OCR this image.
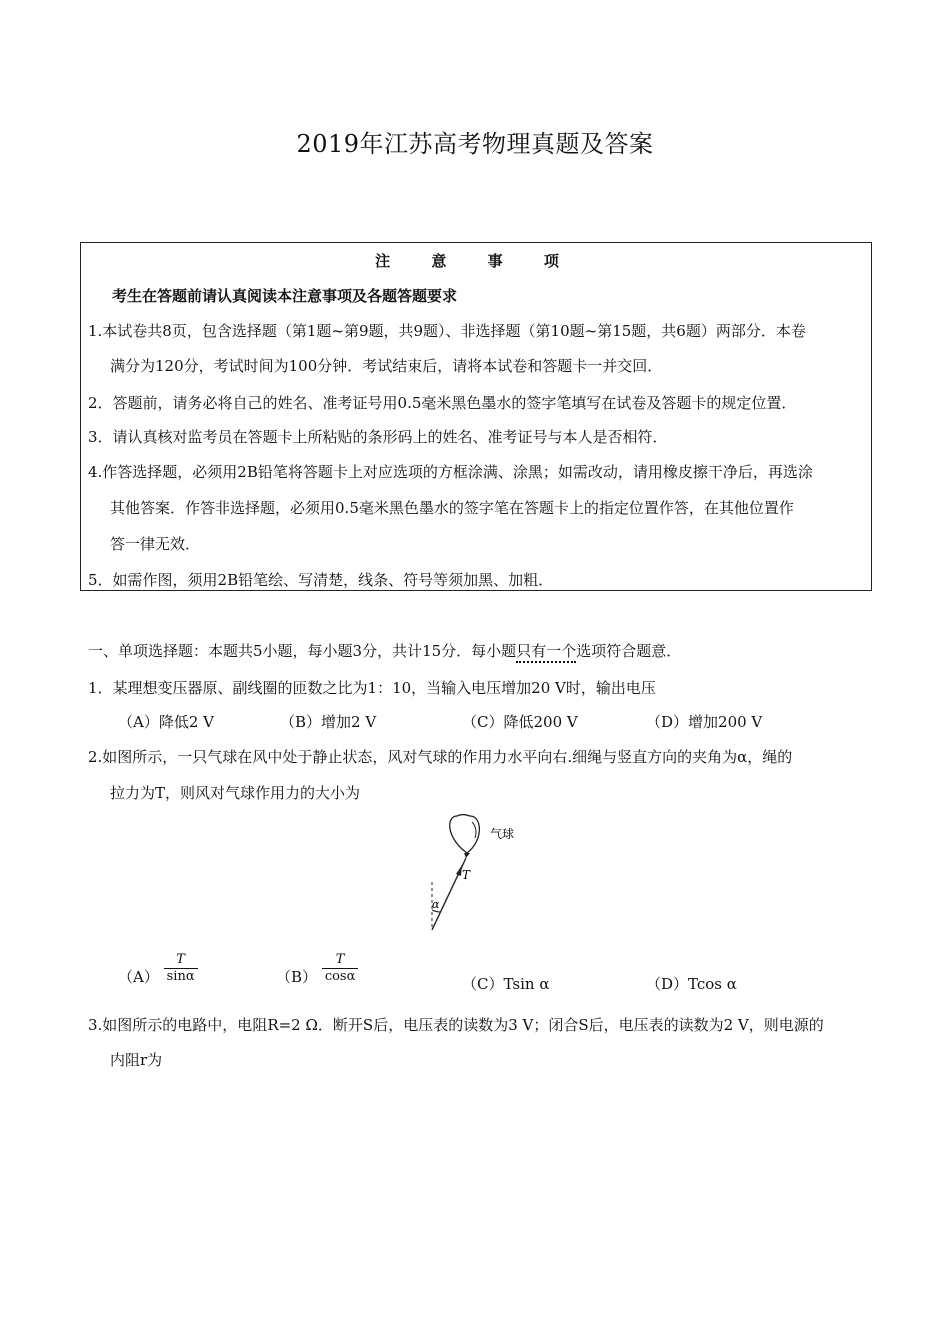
2019年江苏高考物理真题及答案
注 意 事 项
考生在答题前请认真阅读本注意事项及各题答题要求
1.本试卷共8页，包含选择题（第1题~第9题，共9题）、非选择题（第10题~第15题，共6题）两部分．本卷
满分为120分，考试时间为100分钟．考试结束后，请将本试卷和答题卡一并交回．
2．答题前，请务必将自己的姓名、准考证号用0.5毫米黑色墨水的签字笔填写在试卷及答题卡的规定位置．
3．请认真核对监考员在答题卡上所粘贴的条形码上的姓名、准考证号与本人是否相符．
4.作答选择题，必须用2B铅笔将答题卡上对应选项的方框涂满、涂黑；如需改动，请用橡皮擦干净后，再选涂
其他答案．作答非选择题，必须用0.5毫米黑色墨水的签字笔在答题卡上的指定位置作答，在其他位置作
答一律无效．
5．如需作图，须用2B铅笔绘、写清楚，线条、符号等须加黑、加粗．
一、单项选择题：本题共5小题，每小题3分，共计15分．每小题只有一个选项符合题意．
1．某理想变压器原、副线圈的匝数之比为1：10，当输入电压增加20 V时，输出电压
（A）降低2 V	（B）增加2 V	（C）降低200 V	（D）增加200 V
2.如图所示，一只气球在风中处于静止状态，风对气球的作用力水平向右.细绳与竖直方向的夹角为α，绳的
拉力为T，则风对气球作用力的大小为
气球
T
α
$(A) \frac{T}{\sin\alpha}$	$(B) \frac{T}{\cos\alpha}$	（C）Tsin α	（D）Tcos α
3.如图所示的电路中，电阻R=2 Ω．断开S后，电压表的读数为3 V；闭合S后，电压表的读数为2 V，则电源的
内阻r为
